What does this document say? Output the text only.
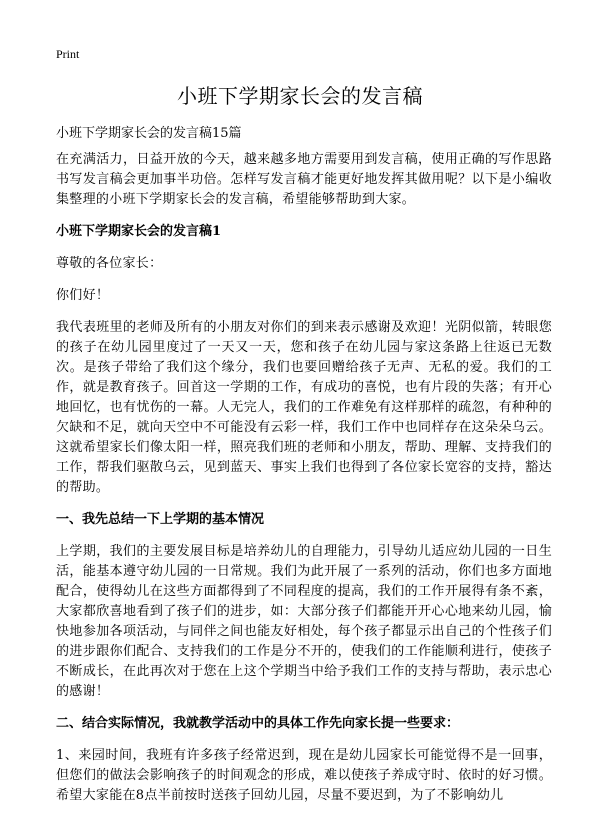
Print
小班下学期家长会的发言稿

小班下学期家长会的发言稿15篇

在充满活力，日益开放的今天，越来越多地方需要用到发言稿，使用正确的写作思路书写发言稿会更加事半功倍。怎样写发言稿才能更好地发挥其做用呢？以下是小编收集整理的小班下学期家长会的发言稿，希望能够帮助到大家。

小班下学期家长会的发言稿1

尊敬的各位家长：

你们好！

我代表班里的老师及所有的小朋友对你们的到来表示感谢及欢迎！光阴似箭，转眼您的孩子在幼儿园里度过了一天又一天，您和孩子在幼儿园与家这条路上往返已无数次。是孩子带给了我们这个缘分，我们也要回赠给孩子无声、无私的爱。我们的工作，就是教育孩子。回首这一学期的工作，有成功的喜悦，也有片段的失落；有开心地回忆，也有忧伤的一幕。人无完人，我们的工作难免有这样那样的疏忽，有种种的欠缺和不足，就向天空中不可能没有云彩一样，我们工作中也同样存在这朵朵乌云。这就希望家长们像太阳一样，照亮我们班的老师和小朋友，帮助、理解、支持我们的工作，帮我们驱散乌云，见到蓝天、事实上我们也得到了各位家长宽容的支持，豁达的帮助。

一、我先总结一下上学期的基本情况

上学期，我们的主要发展目标是培养幼儿的自理能力，引导幼儿适应幼儿园的一日生活，能基本遵守幼儿园的一日常规。我们为此开展了一系列的活动，你们也多方面地配合，使得幼儿在这些方面都得到了不同程度的提高，我们的工作开展得有条不紊，大家都欣喜地看到了孩子们的进步，如：大部分孩子们都能开开心心地来幼儿园，愉快地参加各项活动，与同伴之间也能友好相处，每个孩子都显示出自己的个性孩子们的进步跟你们配合、支持我们的工作是分不开的，使我们的工作能顺利进行，使孩子不断成长，在此再次对于您在上这个学期当中给予我们工作的支持与帮助，表示忠心的感谢！

二、结合实际情况，我就教学活动中的具体工作先向家长提一些要求：

1、来园时间，我班有许多孩子经常迟到，现在是幼儿园家长可能觉得不是一回事，但您们的做法会影响孩子的时间观念的形成，难以使孩子养成守时、依时的好习惯。希望大家能在8点半前按时送孩子回幼儿园，尽量不要迟到，为了不影响幼儿
